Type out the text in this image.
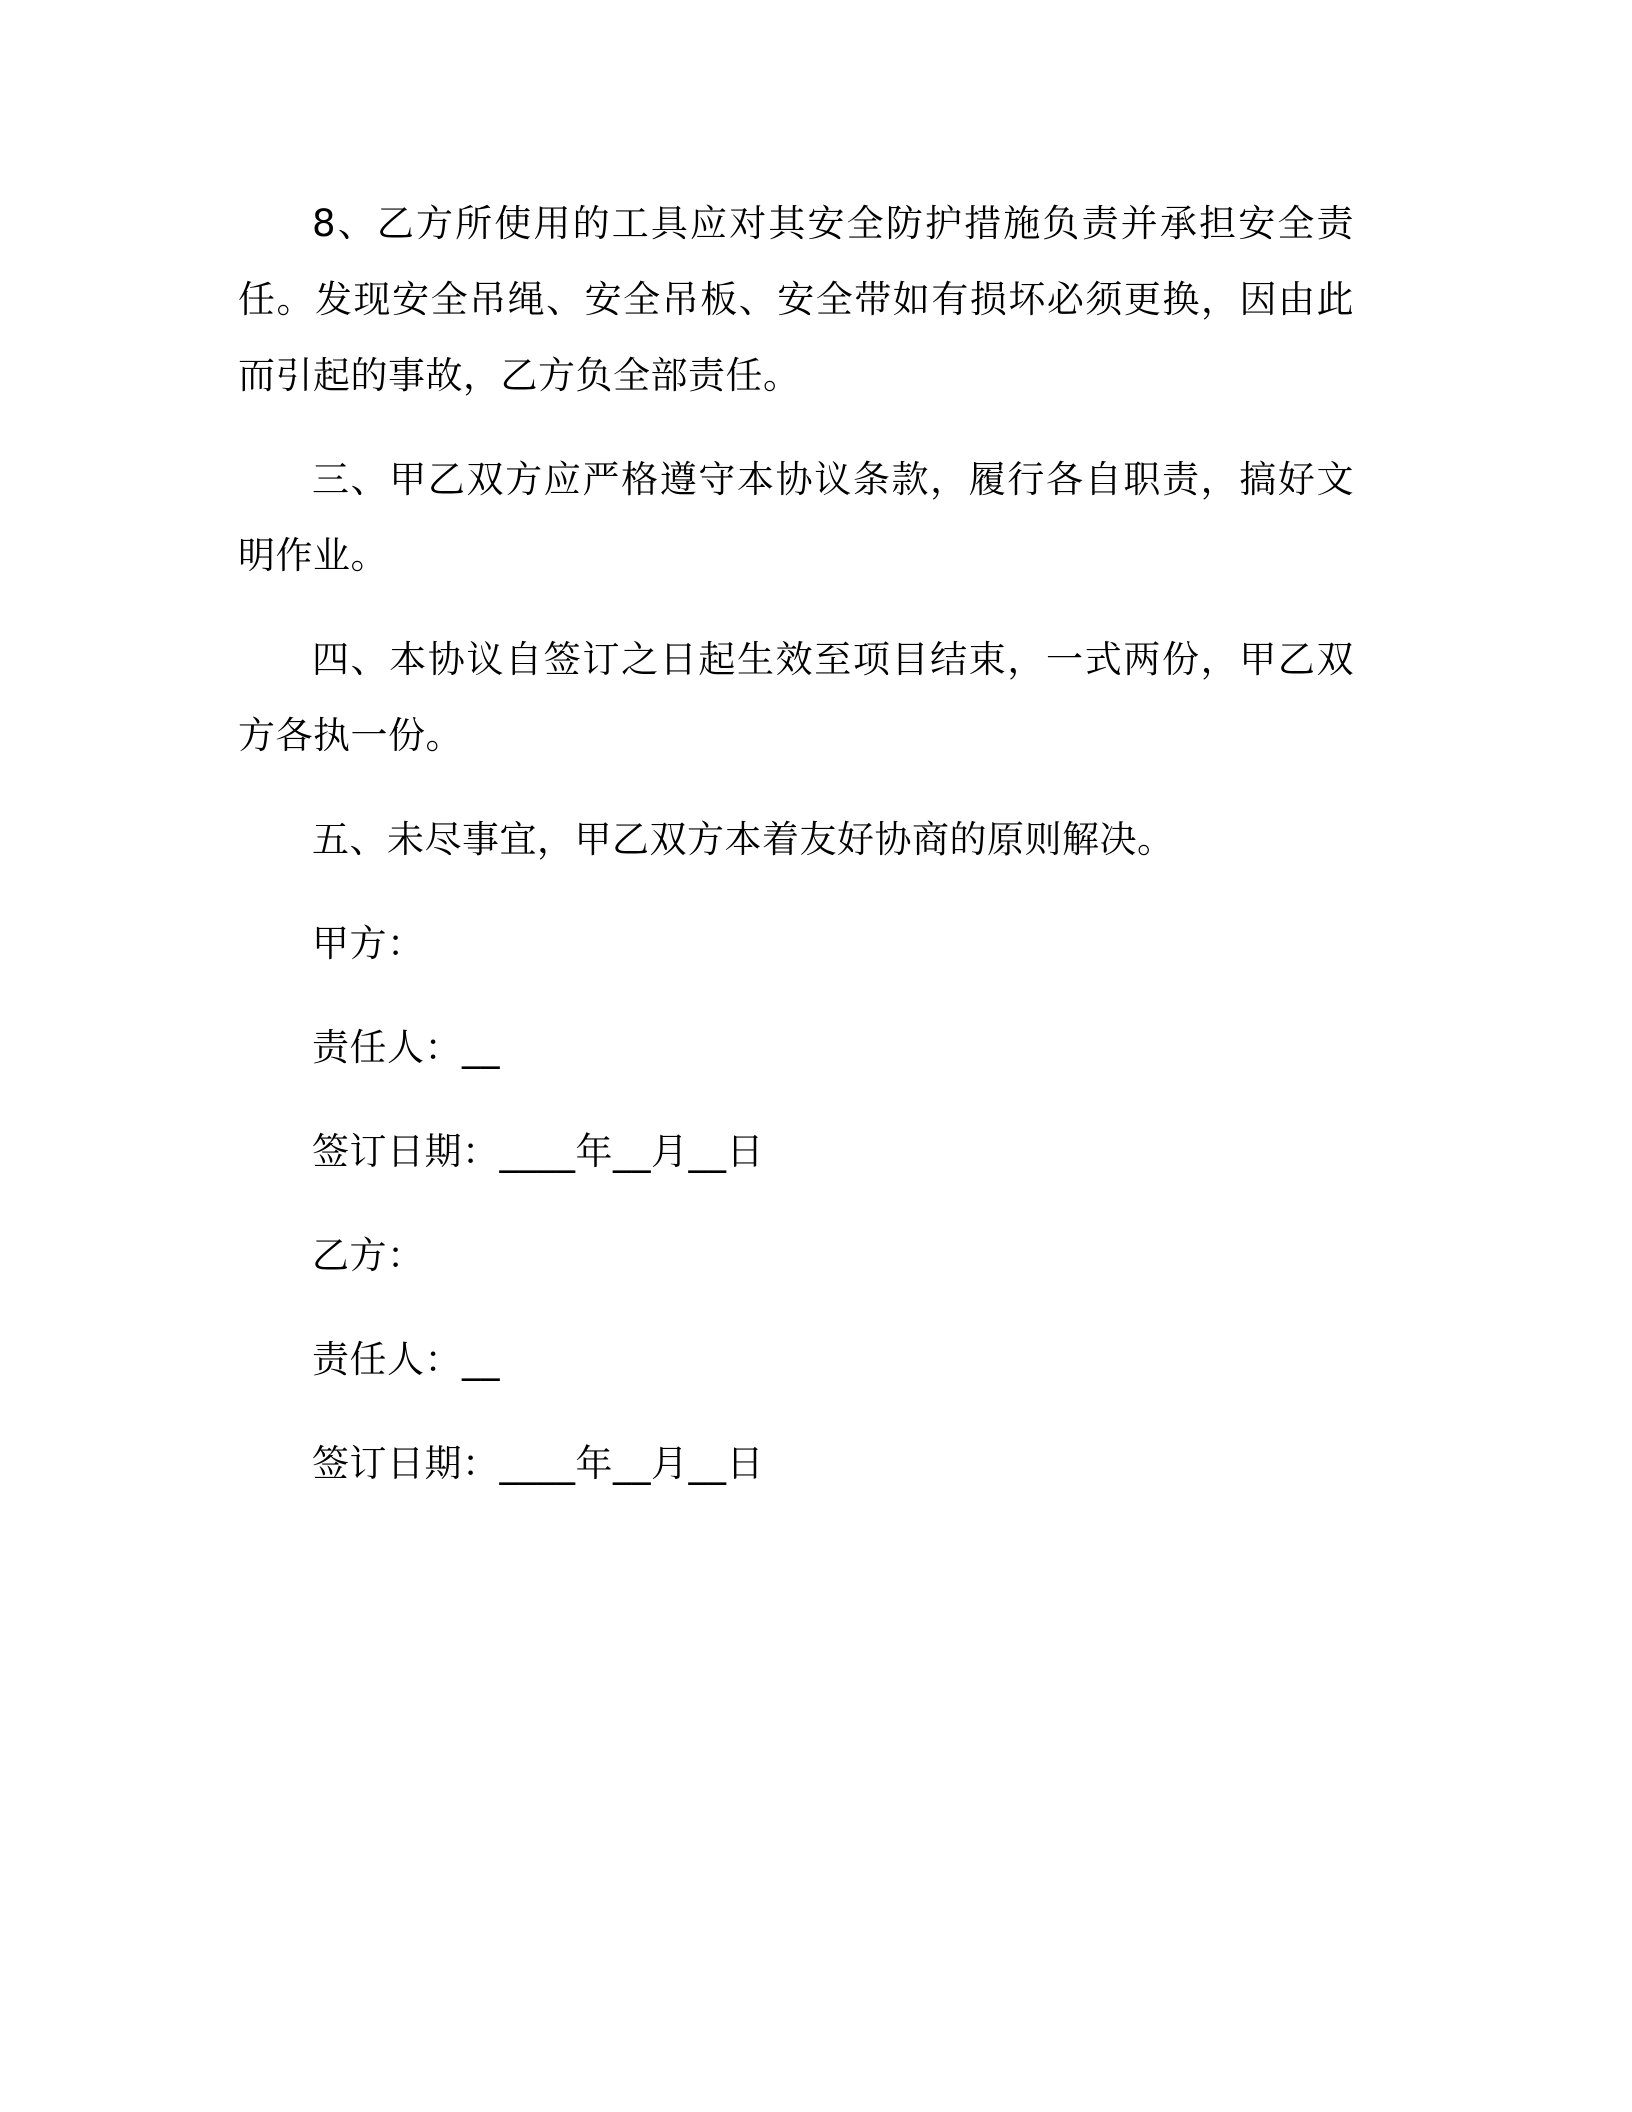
8、乙方所使用的工具应对其安全防护措施负责并承担安全责任。发现安全吊绳、安全吊板、安全带如有损坏必须更换，因由此而引起的事故，乙方负全部责任。

三、甲乙双方应严格遵守本协议条款，履行各自职责，搞好文明作业。

四、本协议自签订之日起生效至项目结束，一式两份，甲乙双方各执一份。

五、未尽事宜，甲乙双方本着友好协商的原则解决。

甲方：
责任人：__
签订日期：____年__月__日
乙方：
责任人：__
签订日期：____年__月__日
